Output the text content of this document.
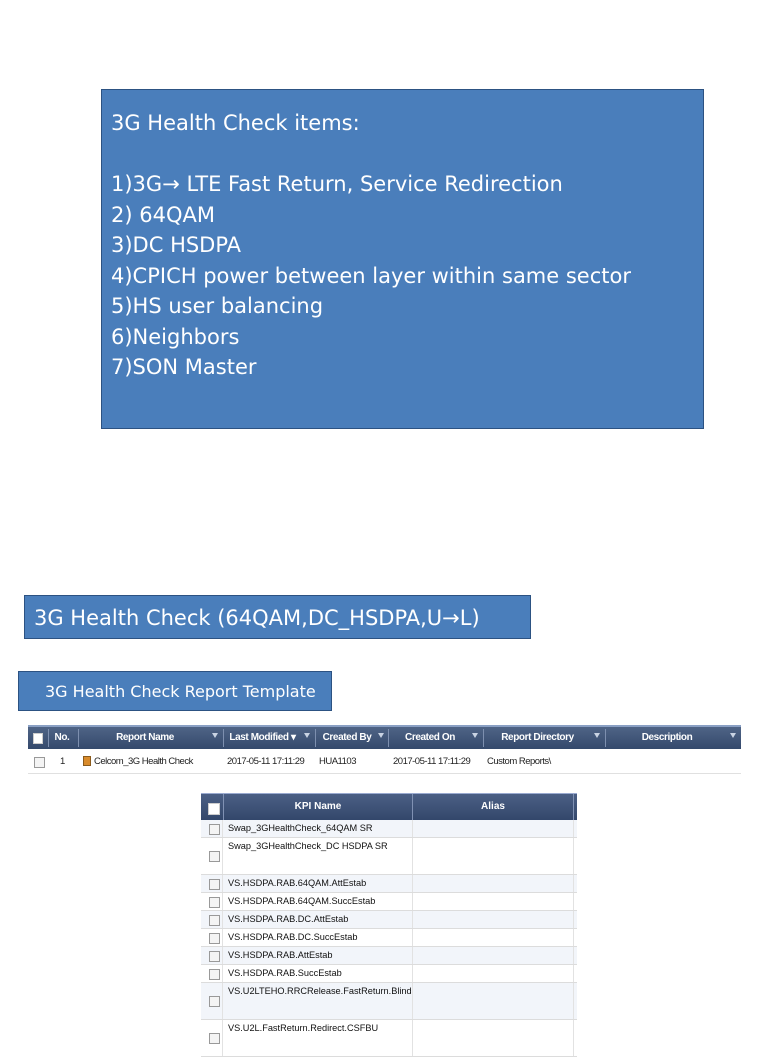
3G Health Check items:
1)3G→ LTE Fast Return, Service Redirection
2) 64QAM
3)DC HSDPA
4)CPICH power between layer within same sector
5)HS user balancing
6)Neighbors
7)SON Master
3G Health Check (64QAM,DC_HSDPA,U→L)
3G Health Check Report Template
No.	Report Name	Last Modified ▾	Created By	Created On	Report Directory	Description
1	Celcom_3G Health Check	2017-05-11 17:11:29 HUA1103	2017-05-11 17:11:29 Custom Reports\
KPI Name	Alias
Swap_3GHealthCheck_64QAM SR
Swap_3GHealthCheck_DC HSDPA SR
VS.HSDPA.RAB.64QAM.AttEstab
VS.HSDPA.RAB.64QAM.SuccEstab
VS.HSDPA.RAB.DC.AttEstab
VS.HSDPA.RAB.DC.SuccEstab
VS.HSDPA.RAB.AttEstab
VS.HSDPA.RAB.SuccEstab
VS.U2LTEHO.RRCRelease.FastReturn.Blind
VS.U2L.FastReturn.Redirect.CSFBU
